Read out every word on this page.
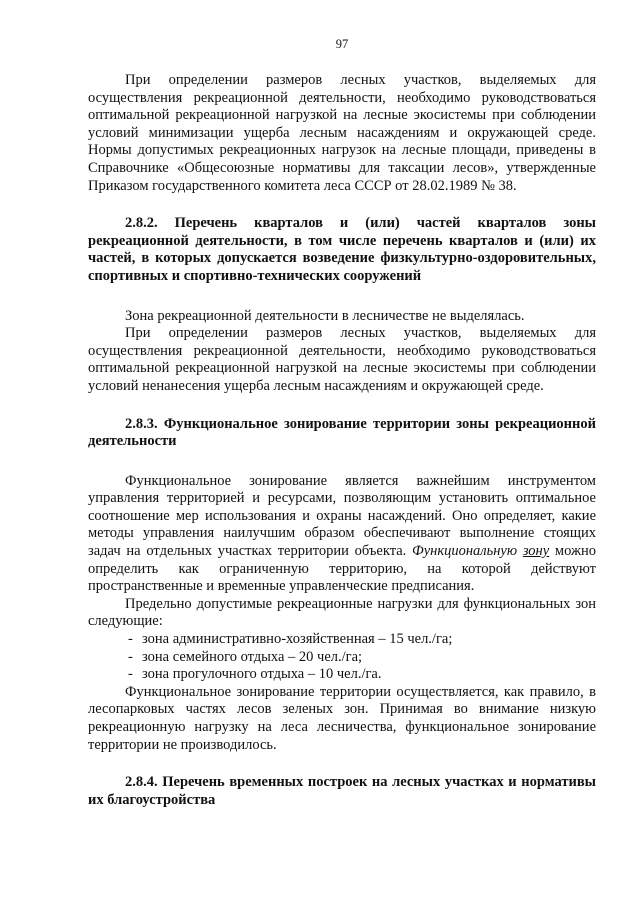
97

При определении размеров лесных участков, выделяемых для осуществления рекреационной деятельности, необходимо руководствоваться оптимальной рекреационной нагрузкой на лесные экосистемы при соблюдении условий минимизации ущерба лесным насаждениям и окружающей среде. Нормы допустимых рекреационных нагрузок на лесные площади, приведены в Справочнике «Общесоюзные нормативы для таксации лесов», утвержденные Приказом государственного комитета леса СССР от 28.02.1989 № 38.

2.8.2. Перечень кварталов и (или) частей кварталов зоны рекреационной деятельности, в том числе перечень кварталов и (или) их частей, в которых допускается возведение физкультурно-оздоровительных, спортивных и спортивно-технических сооружений

Зона рекреационной деятельности в лесничестве не выделялась.

При определении размеров лесных участков, выделяемых для осуществления рекреационной деятельности, необходимо руководствоваться оптимальной рекреационной нагрузкой на лесные экосистемы при соблюдении условий ненанесения ущерба лесным насаждениям и окружающей среде.

2.8.3. Функциональное зонирование территории зоны рекреационной деятельности

Функциональное зонирование является важнейшим инструментом управления территорией и ресурсами, позволяющим установить оптимальное соотношение мер использования и охраны насаждений. Оно определяет, какие методы управления наилучшим образом обеспечивают выполнение стоящих задач на отдельных участках территории объекта. Функциональную зону можно определить как ограниченную территорию, на которой действуют пространственные и временные управленческие предписания.

Предельно допустимые рекреационные нагрузки для функциональных зон следующие:

- зона административно-хозяйственная – 15 чел./га;
- зона семейного отдыха – 20 чел./га;
- зона прогулочного отдыха – 10 чел./га.

Функциональное зонирование территории осуществляется, как правило, в лесопарковых частях лесов зеленых зон. Принимая во внимание низкую рекреационную нагрузку на леса лесничества, функциональное зонирование территории не производилось.

2.8.4. Перечень временных построек на лесных участках и нормативы их благоустройства
